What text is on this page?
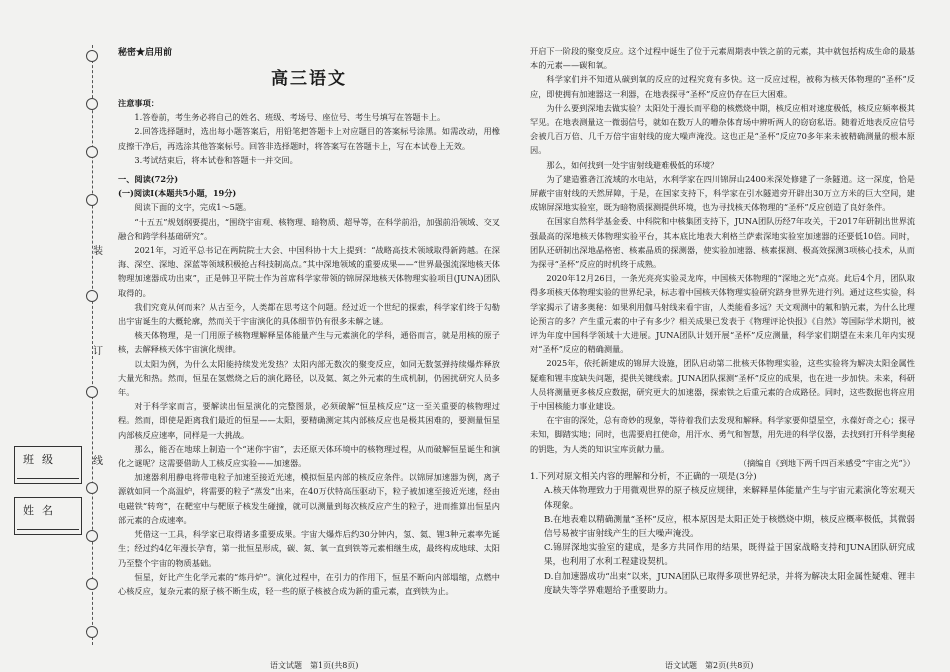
装
订
线
班级
姓名
秘密★启用前
高三语文

注意事项：

1.答卷前，考生务必将自己的姓名、班级、考场号、座位号、考生号填写在答题卡上。

2.回答选择题时，选出每小题答案后，用铅笔把答题卡上对应题目的答案标号涂黑。如需改动，用橡皮擦干净后，再选涂其他答案标号。回答非选择题时，将答案写在答题卡上，写在本试卷上无效。

3.考试结束后，将本试卷和答题卡一并交回。

一、阅读(72分)

(一)阅读Ⅰ(本题共5小题，19分)

阅读下面的文字，完成1～5题。

“十五五”规划纲要提出，“围绕宇宙观、核物理、暗物质、超导等，在科学前沿，加强前沿领域、交叉融合和跨学科基础研究”。

2021年，习近平总书记在两院院士大会、中国科协十大上提到：“战略高技术领域取得新跨越。在深海、深空、深地、深蓝等领域积极抢占科技制高点。”其中深地领域的重要成果——“世界最强流深地核天体物理加速器成功出束”，正是韩卫平院士作为首席科学家带领的锦屏深地核天体物理实验项目(JUNA)团队取得的。

我们究竟从何而来？从古至今，人类都在思考这个问题。经过近一个世纪的探索，科学家们终于勾勒出宇宙诞生的大概轮廓，然而关于宇宙演化的具体细节仍有很多未解之谜。

核天体物理，是一门用原子核物理解释星体能量产生与元素演化的学科，通俗而言，就是用核的原子核，去解释核天体宇宙演化规律。

以太阳为例，为什么太阳能持续发光发热？太阳内部无数次的聚变反应，如同无数氢弹持续爆炸释放大量光和热。然而，恒星在氢燃烧之后的演化路径，以及氦、氮之外元素的生成机制，仍困扰研究人员多年。

对于科学家而言，要解读出恒星演化的完整图景，必须破解“恒星核反应”这一至关重要的核物理过程。然而，即使是距离我们最近的恒星——太阳，要精确测定其内部核反应也是极其困难的，要测量恒星内部核反应速率，同样是一大挑战。

那么，能否在地球上制造一个“迷你宇宙”，去还原天体环境中的核物理过程，从而破解恒星诞生和演化之谜呢？这需要借助人工核反应实验——加速器。

加速器利用静电将带电粒子加速至接近光速，模拟恒星内部的核反应条件。以锦屏加速器为例，离子源就如同一个高温炉，将需要的粒子“蒸发”出来，在40万伏特高压驱动下，粒子被加速至接近光速，经由电磁铁“转弯”，在靶室中与靶原子核发生碰撞，就可以测量到每次核反应产生的粒子，进而推算出恒星内部元素的合成速率。

凭借这一工具，科学家已取得诸多重要成果。宇宙大爆炸后约30分钟内，氢、氦、锂3种元素率先诞生；经过约4亿年漫长孕育，第一批恒星形成，碳、氮、氧一直到铁等元素相继生成，最终构成地球、太阳乃至整个宇宙的物质基础。

恒星，好比产生化学元素的“炼丹炉”。演化过程中，在引力的作用下，恒星不断向内部塌缩，点燃中心核反应，复杂元素的原子核不断生成，轻一些的原子核被合成为新的重元素，直到铁为止。

语文试题　第1页(共8页)

开启下一阶段的聚变反应。这个过程中诞生了位于元素周期表中铁之前的元素，其中就包括构成生命的最基本的元素——碳和氧。

科学家们并不知道从碳到氧的反应的过程究竟有多快。这一反应过程，被称为核天体物理的“圣杯”反应，即使拥有加速器这一利器，在地表探寻“圣杯”反应仍存在巨大困难。

为什么要到深地去做实验？太阳处于漫长而平稳的核燃烧中期，核反应相对速度极低，核反应频率极其罕见。在地表测量这一微弱信号，就如在数万人的嘈杂体育场中辨听两人的窃窃私语。随着近地表反应信号会被几百万倍、几千万倍宇宙射线的庞大噪声淹没。这也正是“圣杯”反应70多年来未被精确测量的根本原因。

那么，如何找到一处宇宙射线避难极低的环境？

为了建造雅砻江流域的水电站，水利学家在四川锦屏山2400米深处修建了一条隧道。这一深度，恰是屏蔽宇宙射线的天然屏障，于是，在国家支持下，科学家在引水隧道旁开辟出30万立方米的巨大空间，建成锦屏深地实验室，既为暗物质探测提供环境，也为寻找核天体物理的“圣杯”反应创造了良好条件。

在国家自然科学基金委、中科院和中核集团支持下，JUNA团队历经7年攻关，于2017年研制出世界流强最高的深地核天体物理实验平台，其本底比地表大利格兰萨索深地实验室加速器的还要低10倍。同时，团队还研制出深地晶格密、核素晶质的探测器，使实验加速器、核素探测、极高效探测3项核心技术，从而为探寻“圣杯”反应的时机终于成熟。

2020年12月26日，一条光亮亮实验灵龙库，中国核天体物理的“深地之光”点亮。此后4个月，团队取得多项核天体物理实验的世界纪录，标志着中国核天体物理实验研究跻身世界先进行列。通过这些实验，科学家揭示了诸多奥秘：如果利用伽马射线来看宇宙，人类能看多远？天文观测中的氟和钠元素，为什么比理论预言的多？产生重元素的中子有多少？相关成果已发表于《物理评论快报》《自然》等国际学术期刊，被评为年度中国科学领域十大进展。JUNA团队计划开展“圣杯”反应测量，科学家们期望在未来几年内实现对“圣杯”反应的精确测量。

2025年，依托新建成的锦屏大设施，团队启动第二批核天体物理实验，这些实验将为解决太阳金属性疑难和锂丰度缺失问题，提供关键线索。JUNA团队探测“圣杯”反应的成果，也在进一步加快。未来，科研人员将测量更多核反应数据，研究更大的加速器，探索铁之后重元素的合成路径。同时，这些数据也将应用于中国核能力事业建设。

在宇宙的深处，总有奇妙的现象，等待着我们去发现和解释。科学家要仰望星空，永葆好奇之心；探寻未知，脚踏实地；同时，也需要肩扛使命，用汗水、勇气和智慧，用先进的科学仪器，去找到打开科学奥秘的钥匙，为人类的知识宝库贡献力量。

（摘编自《到地下两千四百米感受“宇宙之光”》）

1.下列对原文相关内容的理解和分析，不正确的一项是(3分)

A.核天体物理致力于用微观世界的原子核反应规律，来解释星体能量产生与宇宙元素演化等宏观天体现象。

B.在地表难以精确测量“圣杯”反应，根本原因是太阳正处于核燃烧中期，核反应概率极低，其微弱信号易被宇宙射线产生的巨大噪声淹没。

C.锦屏深地实验室的建成，是多方共同作用的结果，既得益于国家战略支持和JUNA团队研究成果，也利用了水利工程建设契机。

D.自加速器成功“出束”以来，JUNA团队已取得多项世界纪录，并将为解决太阳金属性疑难、锂丰度缺失等学界难题给予重要助力。

语文试题　第2页(共8页)
